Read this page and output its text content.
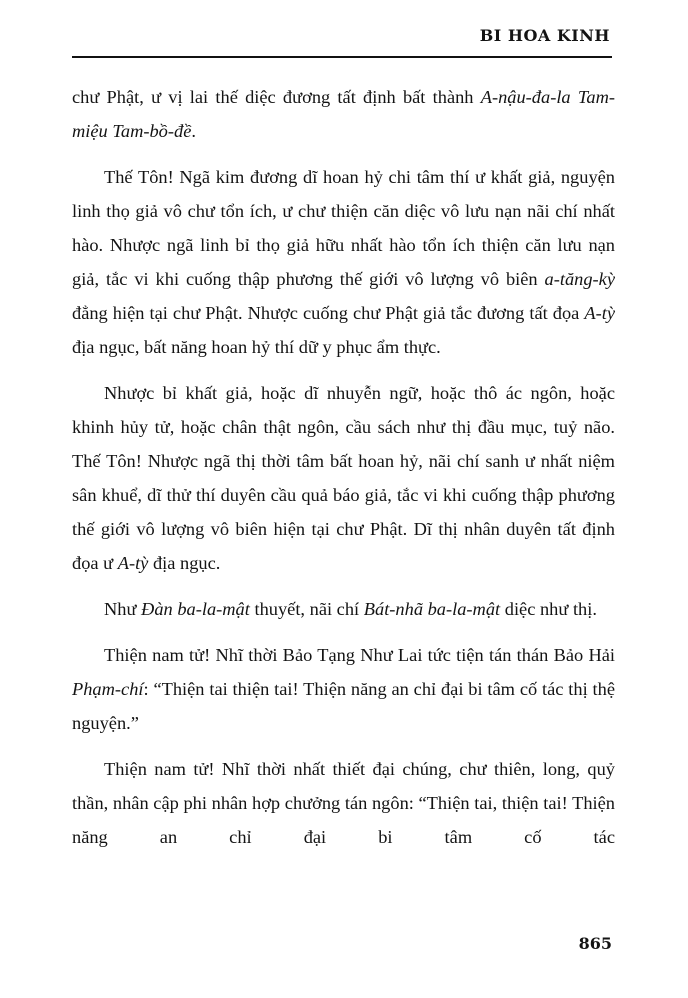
BI HOA KINH

chư Phật, ư vị lai thế diệc đương tất định bất thành A-nậu-đa-la Tam-miệu Tam-bồ-đề.

Thế Tôn! Ngã kim đương dĩ hoan hỷ chi tâm thí ư khất giả, nguyện linh thọ giả vô chư tổn ích, ư chư thiện căn diệc vô lưu nạn nãi chí nhất hào. Nhược ngã linh bỉ thọ giả hữu nhất hào tổn ích thiện căn lưu nạn giả, tắc vi khi cuống thập phương thế giới vô lượng vô biên a-tăng-kỳ đẳng hiện tại chư Phật. Nhược cuống chư Phật giả tắc đương tất đọa A-tỳ địa ngục, bất năng hoan hỷ thí dữ y phục ẩm thực.

Nhược bỉ khất giả, hoặc dĩ nhuyễn ngữ, hoặc thô ác ngôn, hoặc khinh hủy tử, hoặc chân thật ngôn, cầu sách như thị đầu mục, tuỷ não. Thế Tôn! Nhược ngã thị thời tâm bất hoan hỷ, nãi chí sanh ư nhất niệm sân khuể, dĩ thử thí duyên cầu quả báo giả, tắc vi khi cuống thập phương thế giới vô lượng vô biên hiện tại chư Phật. Dĩ thị nhân duyên tất định đọa ư A-tỳ địa ngục.

Như Đàn ba-la-mật thuyết, nãi chí Bát-nhã ba-la-mật diệc như thị.

Thiện nam tử! Nhĩ thời Bảo Tạng Như Lai tức tiện tán thán Bảo Hải Phạm-chí: “Thiện tai thiện tai! Thiện năng an chỉ đại bi tâm cố tác thị thệ nguyện.”

Thiện nam tử! Nhĩ thời nhất thiết đại chúng, chư thiên, long, quỷ thần, nhân cập phi nhân hợp chưởng tán ngôn: “Thiện tai, thiện tai! Thiện năng an chỉ đại bi tâm cố tác

865
